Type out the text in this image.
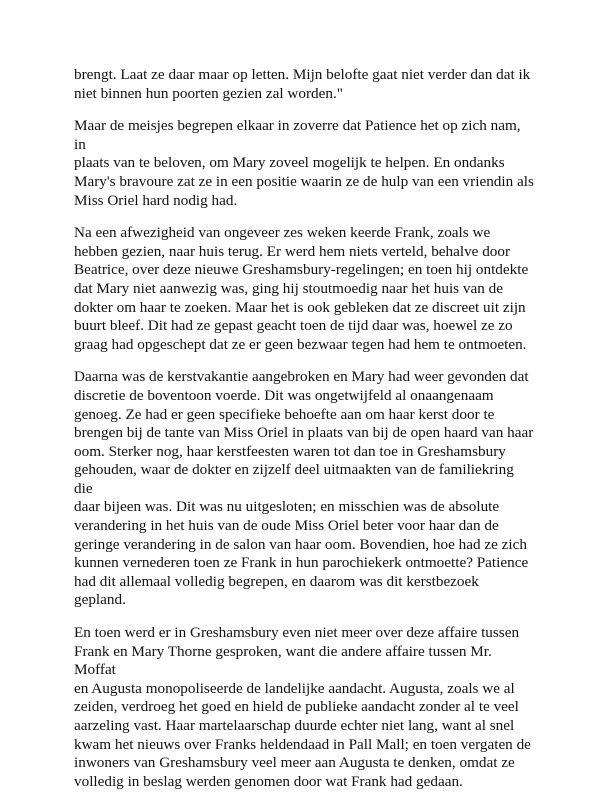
brengt. Laat ze daar maar op letten. Mijn belofte gaat niet verder dan dat ik
niet binnen hun poorten gezien zal worden."

Maar de meisjes begrepen elkaar in zoverre dat Patience het op zich nam, in
plaats van te beloven, om Mary zoveel mogelijk te helpen. En ondanks
Mary's bravoure zat ze in een positie waarin ze de hulp van een vriendin als
Miss Oriel hard nodig had.

Na een afwezigheid van ongeveer zes weken keerde Frank, zoals we
hebben gezien, naar huis terug. Er werd hem niets verteld, behalve door
Beatrice, over deze nieuwe Greshamsbury-regelingen; en toen hij ontdekte
dat Mary niet aanwezig was, ging hij stoutmoedig naar het huis van de
dokter om haar te zoeken. Maar het is ook gebleken dat ze discreet uit zijn
buurt bleef. Dit had ze gepast geacht toen de tijd daar was, hoewel ze zo
graag had opgeschept dat ze er geen bezwaar tegen had hem te ontmoeten.

Daarna was de kerstvakantie aangebroken en Mary had weer gevonden dat
discretie de boventoon voerde. Dit was ongetwijfeld al onaangenaam
genoeg. Ze had er geen specifieke behoefte aan om haar kerst door te
brengen bij de tante van Miss Oriel in plaats van bij de open haard van haar
oom. Sterker nog, haar kerstfeesten waren tot dan toe in Greshamsbury
gehouden, waar de dokter en zijzelf deel uitmaakten van de familiekring die
daar bijeen was. Dit was nu uitgesloten; en misschien was de absolute
verandering in het huis van de oude Miss Oriel beter voor haar dan de
geringe verandering in de salon van haar oom. Bovendien, hoe had ze zich
kunnen vernederen toen ze Frank in hun parochiekerk ontmoette? Patience
had dit allemaal volledig begrepen, en daarom was dit kerstbezoek gepland.

En toen werd er in Greshamsbury even niet meer over deze affaire tussen
Frank en Mary Thorne gesproken, want die andere affaire tussen Mr. Moffat
en Augusta monopoliseerde de landelijke aandacht. Augusta, zoals we al
zeiden, verdroeg het goed en hield de publieke aandacht zonder al te veel
aarzeling vast. Haar martelaarschap duurde echter niet lang, want al snel
kwam het nieuws over Franks heldendaad in Pall Mall; en toen vergaten de
inwoners van Greshamsbury veel meer aan Augusta te denken, omdat ze
volledig in beslag werden genomen door wat Frank had gedaan.
